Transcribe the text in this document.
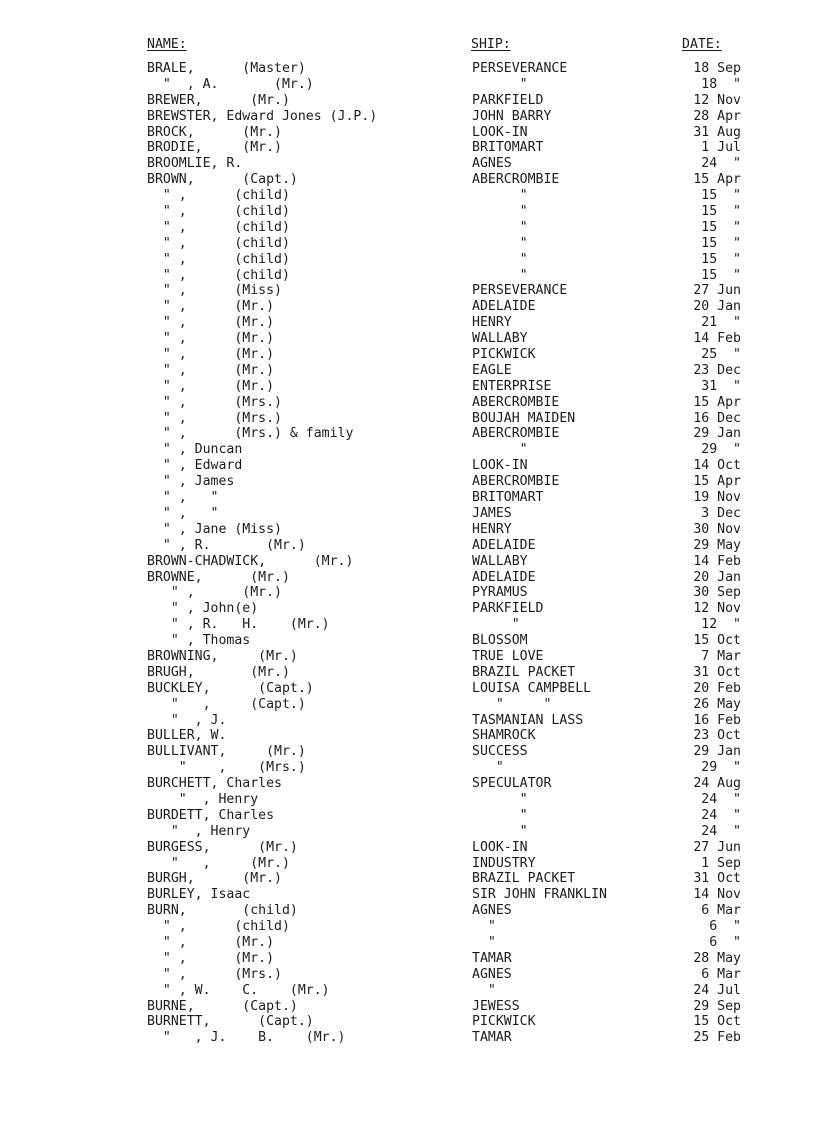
NAME:	SHIP:	DATE:
BRALE,      (Master)	PERSEVERANCE	18 Sep
"  , A.       (Mr.)	"	18  "
BREWER,      (Mr.)	PARKFIELD	12 Nov
BREWSTER, Edward Jones (J.P.)	JOHN BARRY	28 Apr
BROCK,      (Mr.)	LOOK-IN	31 Aug
BRODIE,     (Mr.)	BRITOMART	1 Jul
BROOMLIE, R.	AGNES	24  "
BROWN,      (Capt.)	ABERCROMBIE	15 Apr
" ,      (child)	"	15  "
" ,      (child)	"	15  "
" ,      (child)	"	15  "
" ,      (child)	"	15  "
" ,      (child)	"	15  "
" ,      (child)	"	15  "
" ,      (Miss)	PERSEVERANCE	27 Jun
" ,      (Mr.)	ADELAIDE	20 Jan
" ,      (Mr.)	HENRY	21  "
" ,      (Mr.)	WALLABY	14 Feb
" ,      (Mr.)	PICKWICK	25  "
" ,      (Mr.)	EAGLE	23 Dec
" ,      (Mr.)	ENTERPRISE	31  "
" ,      (Mrs.)	ABERCROMBIE	15 Apr
" ,      (Mrs.)	BOUJAH MAIDEN	16 Dec
" ,      (Mrs.) & family	ABERCROMBIE	29 Jan
" , Duncan	"	29  "
" , Edward	LOOK-IN	14 Oct
" , James	ABERCROMBIE	15 Apr
" ,   "	BRITOMART	19 Nov
" ,   "	JAMES	3 Dec
" , Jane (Miss)	HENRY	30 Nov
" , R.       (Mr.)	ADELAIDE	29 May
BROWN-CHADWICK,      (Mr.)	WALLABY	14 Feb
BROWNE,      (Mr.)	ADELAIDE	20 Jan
" ,      (Mr.)	PYRAMUS	30 Sep
" , John(e)	PARKFIELD	12 Nov
" , R.   H.    (Mr.)	"	12  "
" , Thomas	BLOSSOM	15 Oct
BROWNING,     (Mr.)	TRUE LOVE	7 Mar
BRUGH,       (Mr.)	BRAZIL PACKET	31 Oct
BUCKLEY,      (Capt.)	LOUISA CAMPBELL	20 Feb
"   ,     (Capt.)	"     "	26 May
"  , J.	TASMANIAN LASS	16 Feb
BULLER, W.	SHAMROCK	23 Oct
BULLIVANT,     (Mr.)	SUCCESS	29 Jan
"    ,    (Mrs.)	"	29  "
BURCHETT, Charles	SPECULATOR	24 Aug
"  , Henry	"	24  "
BURDETT, Charles	"	24  "
"  , Henry	"	24  "
BURGESS,      (Mr.)	LOOK-IN	27 Jun
"   ,     (Mr.)	INDUSTRY	1 Sep
BURGH,      (Mr.)	BRAZIL PACKET	31 Oct
BURLEY, Isaac	SIR JOHN FRANKLIN	14 Nov
BURN,       (child)	AGNES	6 Mar
" ,      (child)	"	6  "
" ,      (Mr.)	"	6  "
" ,      (Mr.)	TAMAR	28 May
" ,      (Mrs.)	AGNES	6 Mar
" , W.    C.    (Mr.)	"	24 Jul
BURNE,      (Capt.)	JEWESS	29 Sep
BURNETT,      (Capt.)	PICKWICK	15 Oct
"   , J.    B.    (Mr.)	TAMAR	25 Feb
